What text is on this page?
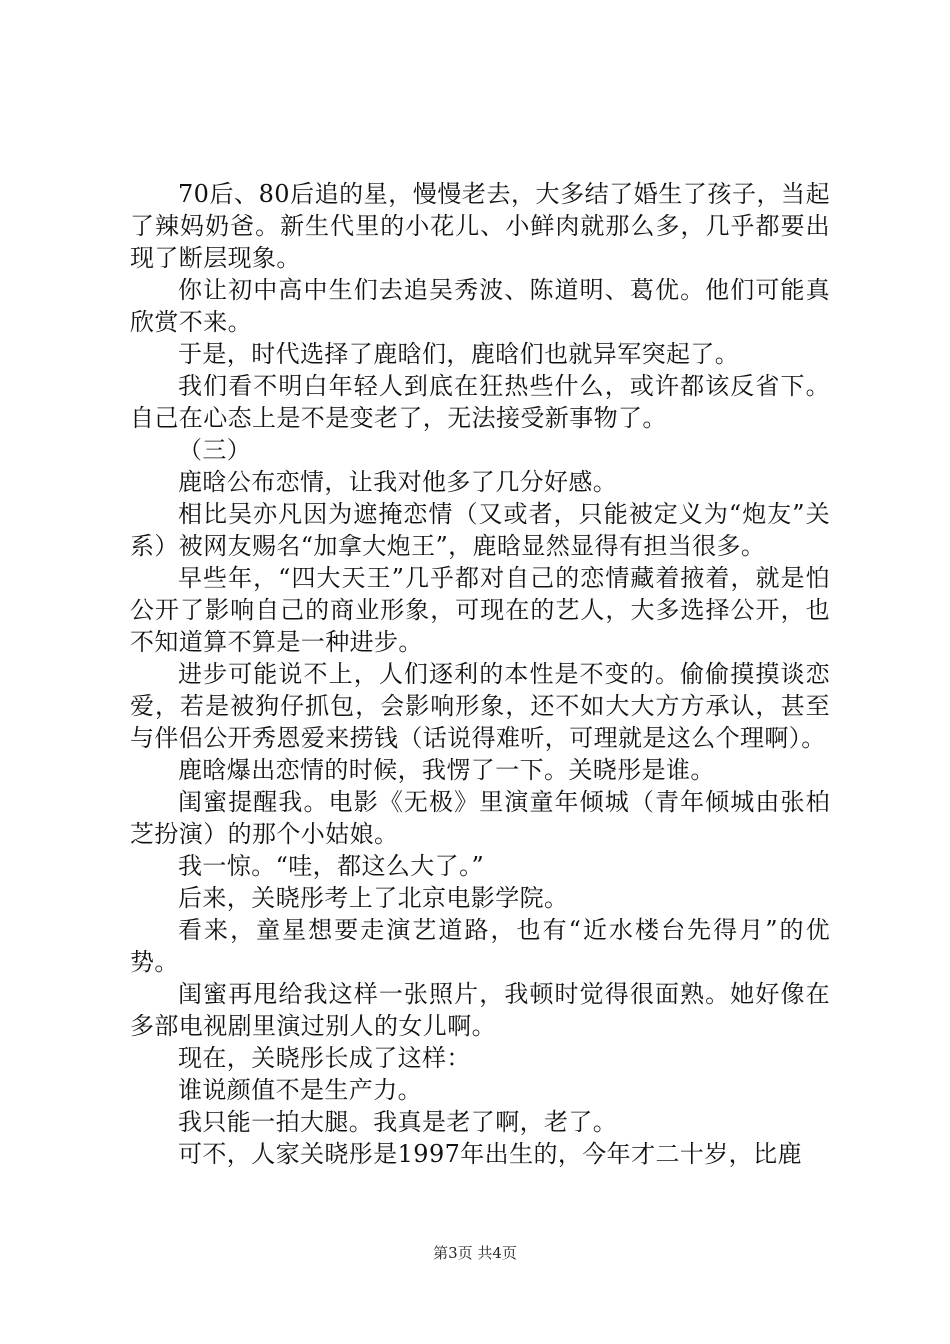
70后、80后追的星，慢慢老去，大多结了婚生了孩子，当起了辣妈奶爸。新生代里的小花儿、小鲜肉就那么多，几乎都要出现了断层现象。

你让初中高中生们去追吴秀波、陈道明、葛优。他们可能真欣赏不来。

于是，时代选择了鹿晗们，鹿晗们也就异军突起了。

我们看不明白年轻人到底在狂热些什么，或许都该反省下。自己在心态上是不是变老了，无法接受新事物了。

（三）

鹿晗公布恋情，让我对他多了几分好感。

相比吴亦凡因为遮掩恋情（又或者，只能被定义为“炮友”关系）被网友赐名“加拿大炮王”，鹿晗显然显得有担当很多。

早些年，“四大天王”几乎都对自己的恋情藏着掖着，就是怕公开了影响自己的商业形象，可现在的艺人，大多选择公开，也不知道算不算是一种进步。

进步可能说不上，人们逐利的本性是不变的。偷偷摸摸谈恋爱，若是被狗仔抓包，会影响形象，还不如大大方方承认，甚至与伴侣公开秀恩爱来捞钱（话说得难听，可理就是这么个理啊）。

鹿晗爆出恋情的时候，我愣了一下。关晓彤是谁。

闺蜜提醒我。电影《无极》里演童年倾城（青年倾城由张柏芝扮演）的那个小姑娘。

我一惊。“哇，都这么大了。”

后来，关晓彤考上了北京电影学院。

看来，童星想要走演艺道路，也有“近水楼台先得月”的优势。

闺蜜再甩给我这样一张照片，我顿时觉得很面熟。她好像在多部电视剧里演过别人的女儿啊。

现在，关晓彤长成了这样：

谁说颜值不是生产力。

我只能一拍大腿。我真是老了啊，老了。

可不，人家关晓彤是1997年出生的，今年才二十岁，比鹿

第3页 共4页
